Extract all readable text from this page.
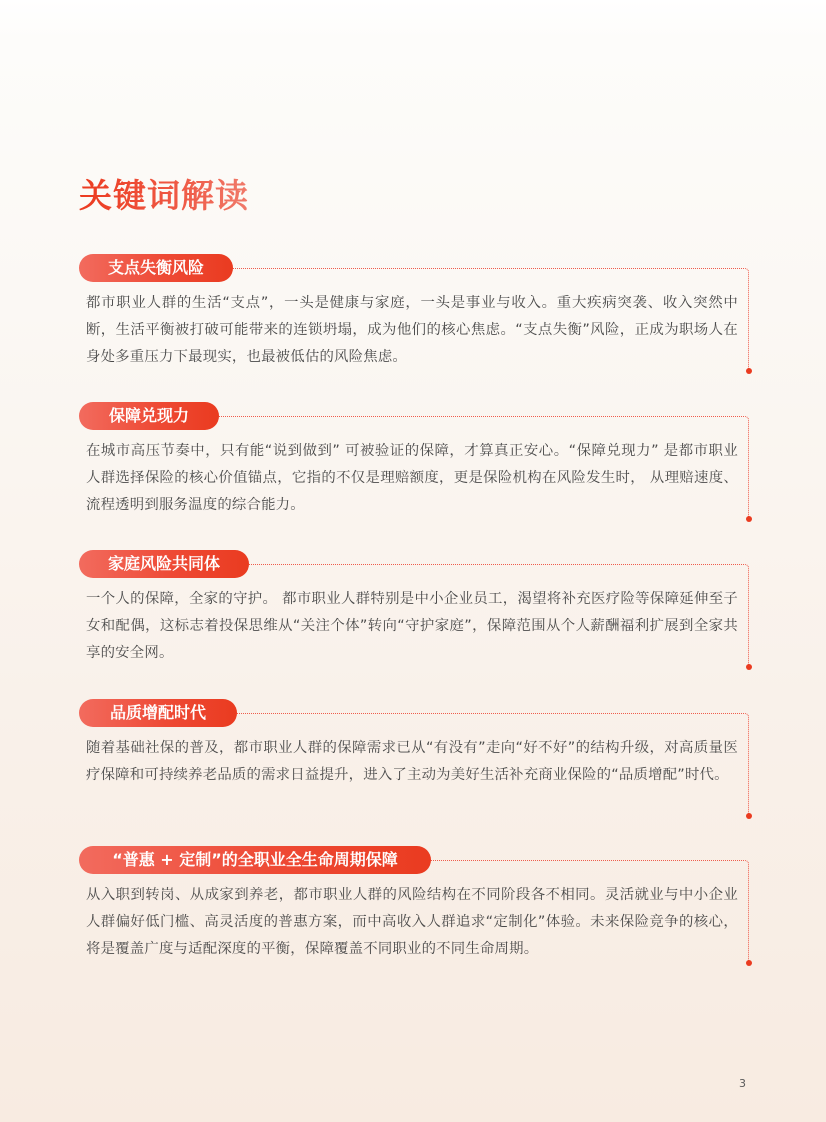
关键词解读
支点失衡风险

都市职业人群的生活“支点”，一头是健康与家庭，一头是事业与收入。重大疾病突袭、收入突然中断，生活平衡被打破可能带来的连锁坍塌，成为他们的核心焦虑。“支点失衡”风险，正成为职场人在身处多重压力下最现实，也最被低估的风险焦虑。

保障兑现力

在城市高压节奏中，只有能“说到做到” 可被验证的保障，才算真正安心。“保障兑现力” 是都市职业人群选择保险的核心价值锚点，它指的不仅是理赔额度，更是保险机构在风险发生时， 从理赔速度、流程透明到服务温度的综合能力。

家庭风险共同体

一个人的保障，全家的守护。 都市职业人群特别是中小企业员工，渴望将补充医疗险等保障延伸至子女和配偶，这标志着投保思维从“关注个体”转向“守护家庭”，保障范围从个人薪酬福利扩展到全家共享的安全网。

品质增配时代

随着基础社保的普及，都市职业人群的保障需求已从“有没有”走向“好不好”的结构升级，对高质量医疗保障和可持续养老品质的需求日益提升，进入了主动为美好生活补充商业保险的“品质增配”时代。

“普惠 + 定制”的全职业全生命周期保障

从入职到转岗、从成家到养老，都市职业人群的风险结构在不同阶段各不相同。灵活就业与中小企业人群偏好低门槛、高灵活度的普惠方案，而中高收入人群追求“定制化”体验。未来保险竞争的核心，将是覆盖广度与适配深度的平衡，保障覆盖不同职业的不同生命周期。

3
